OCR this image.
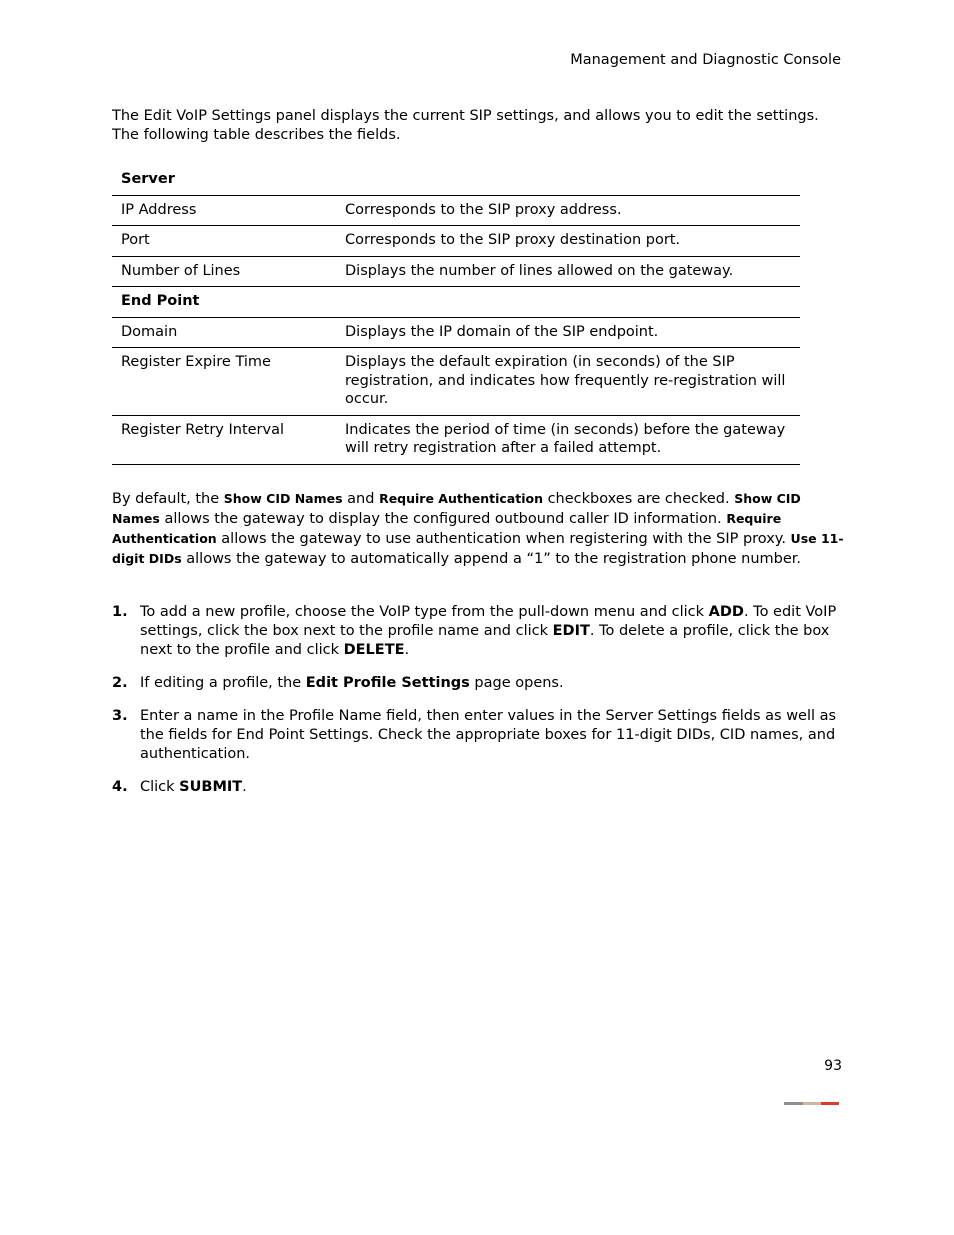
Management and Diagnostic Console

The Edit VoIP Settings panel displays the current SIP settings, and allows you to edit the settings. The following table describes the fields.

Server	
IP Address	Corresponds to the SIP proxy address.
Port	Corresponds to the SIP proxy destination port.
Number of Lines	Displays the number of lines allowed on the gateway.
End Point	
Domain	Displays the IP domain of the SIP endpoint.
Register Expire Time	Displays the default expiration (in seconds) of the SIP registration, and indicates how frequently re-registration will occur.
Register Retry Interval	Indicates the period of time (in seconds) before the gateway will retry registration after a failed attempt.

By default, the Show CID Names and Require Authentication checkboxes are checked. Show CID Names allows the gateway to display the configured outbound caller ID information. Require Authentication allows the gateway to use authentication when registering with the SIP proxy. Use 11-digit DIDs allows the gateway to automatically append a “1” to the registration phone number.

1. To add a new profile, choose the VoIP type from the pull-down menu and click ADD. To edit VoIP settings, click the box next to the profile name and click EDIT. To delete a profile, click the box next to the profile and click DELETE.
2. If editing a profile, the Edit Profile Settings page opens.
3. Enter a name in the Profile Name field, then enter values in the Server Settings fields as well as the fields for End Point Settings. Check the appropriate boxes for 11-digit DIDs, CID names, and authentication.
4. Click SUBMIT.
93
